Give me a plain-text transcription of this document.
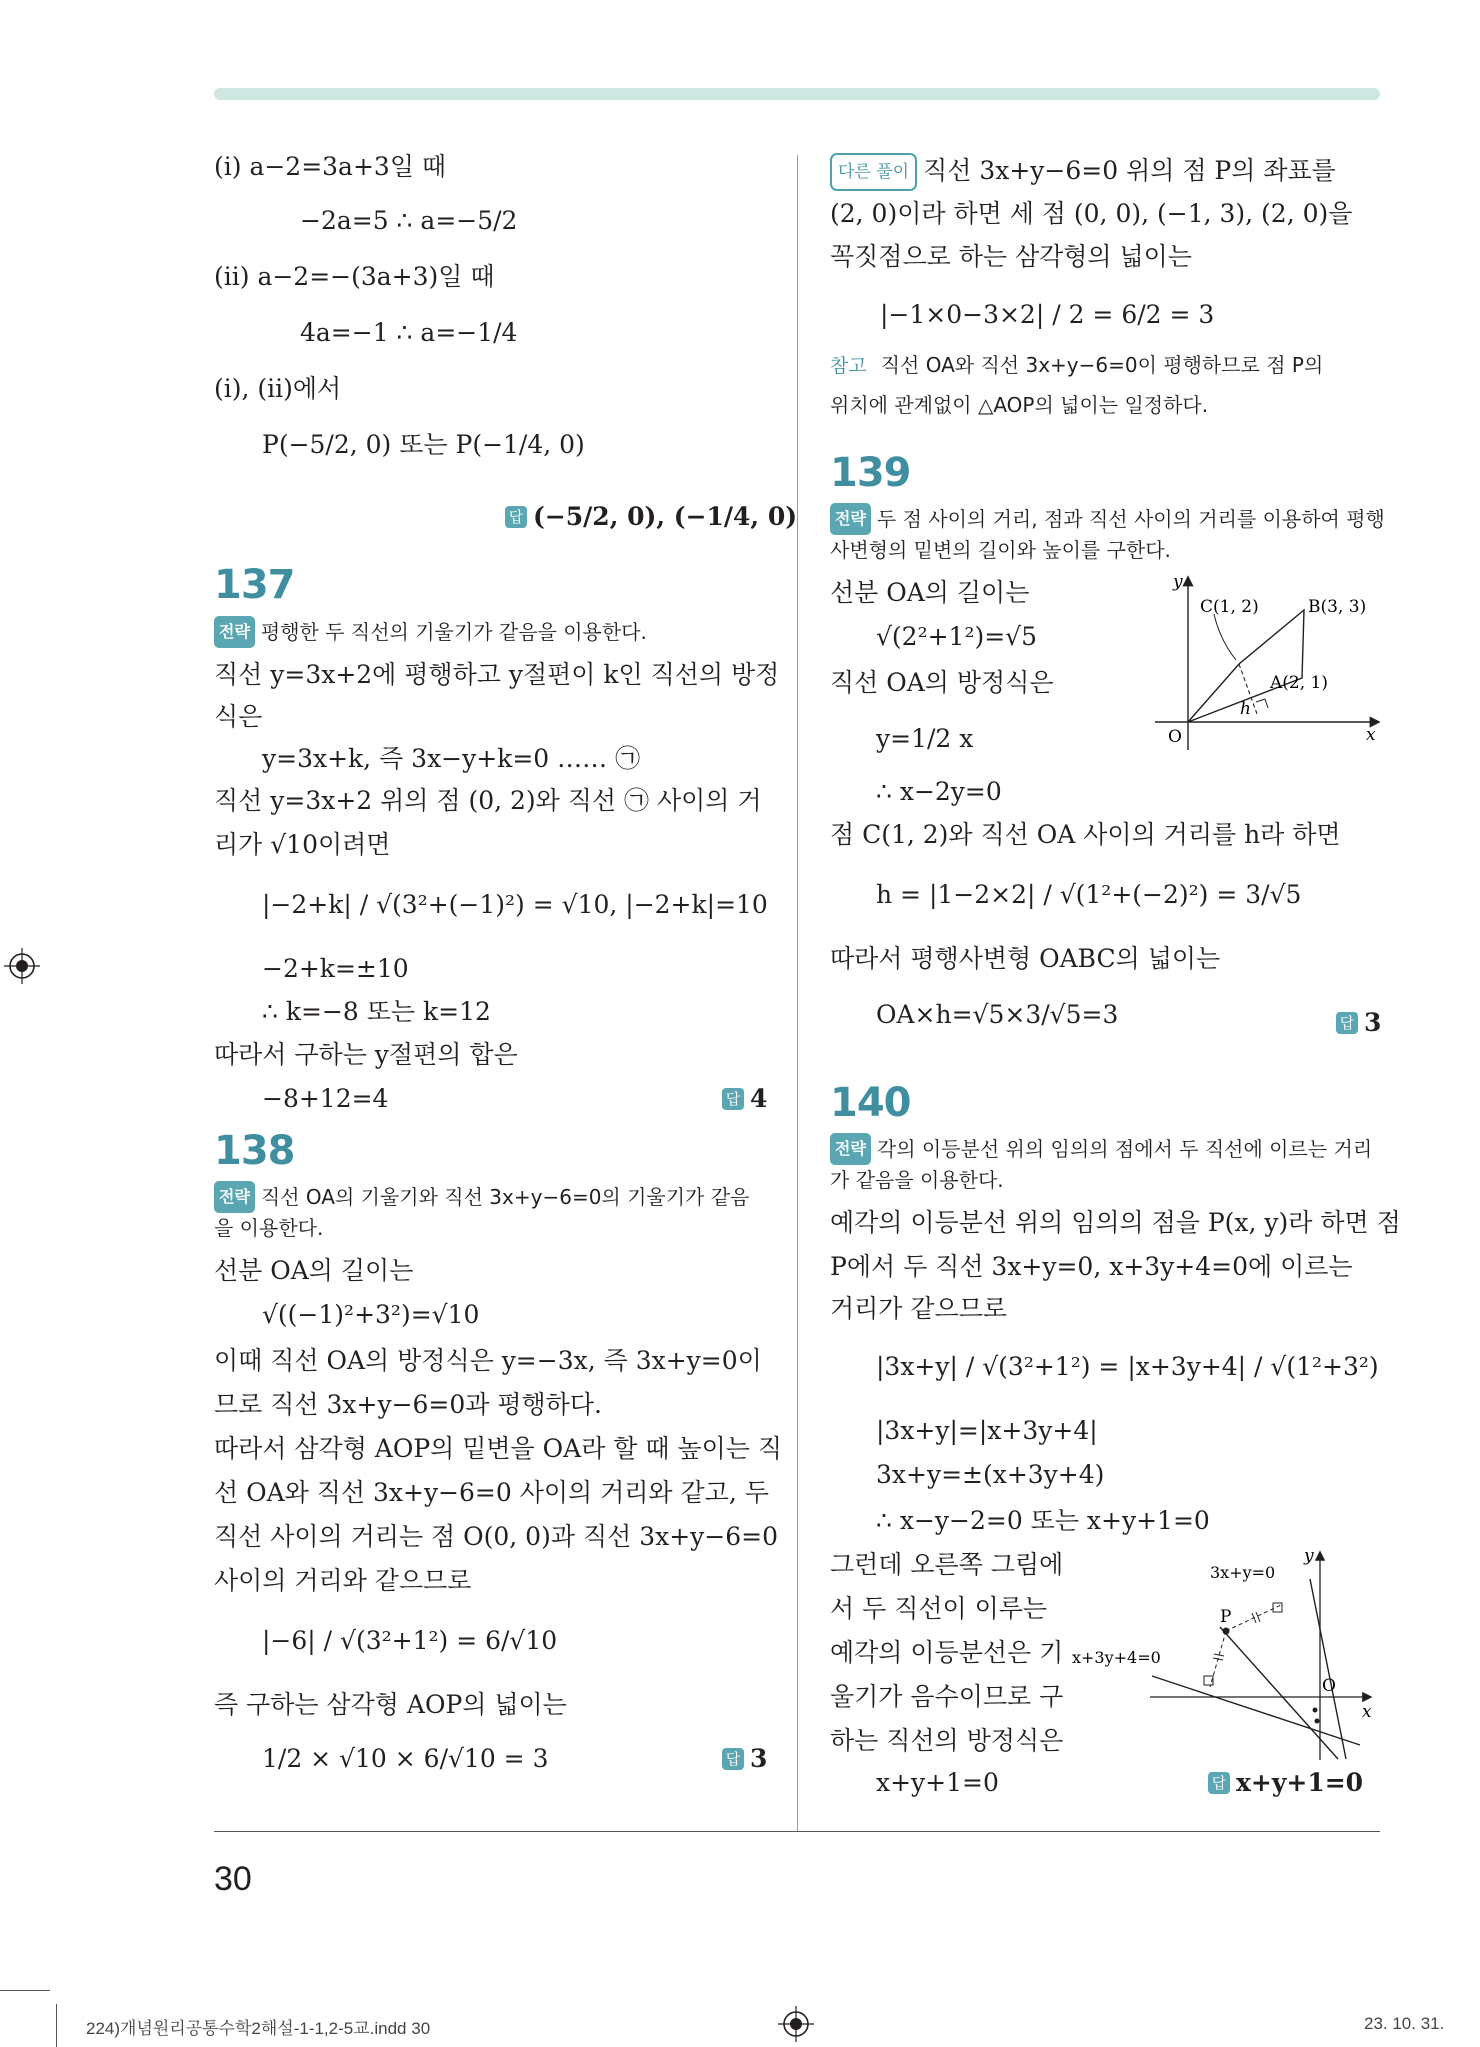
(ⅰ) a−2=3a+3일 때
−2a=5 ∴ a=−5/2
(ⅱ) a−2=−(3a+3)일 때
4a=−1 ∴ a=−1/4
(ⅰ), (ⅱ)에서
P(−5/2, 0) 또는 P(−1/4, 0)
답 (−5/2, 0), (−1/4, 0)
137
전략 평행한 두 직선의 기울기가 같음을 이용한다.
직선 y=3x+2에 평행하고 y절편이 k인 직선의 방정
식은
y=3x+k, 즉 3x−y+k=0 …… ㉠
직선 y=3x+2 위의 점 (0, 2)와 직선 ㉠ 사이의 거
리가 √10이려면
|−2+k| / √(3²+(−1)²) = √10, |−2+k|=10
−2+k=±10
∴ k=−8 또는 k=12
따라서 구하는 y절편의 합은
−8+12=4	답 4
138
전략 직선 OA의 기울기와 직선 3x+y−6=0의 기울기가 같음
을 이용한다.
선분 OA의 길이는
√((−1)²+3²)=√10
이때 직선 OA의 방정식은 y=−3x, 즉 3x+y=0이
므로 직선 3x+y−6=0과 평행하다.
따라서 삼각형 AOP의 밑변을 OA라 할 때 높이는 직
선 OA와 직선 3x+y−6=0 사이의 거리와 같고, 두
직선 사이의 거리는 점 O(0, 0)과 직선 3x+y−6=0
사이의 거리와 같으므로
|−6| / √(3²+1²) = 6/√10
즉 구하는 삼각형 AOP의 넓이는
1/2 × √10 × 6/√10 = 3	답 3
다른 풀이 직선 3x+y−6=0 위의 점 P의 좌표를
(2, 0)이라 하면 세 점 (0, 0), (−1, 3), (2, 0)을
꼭짓점으로 하는 삼각형의 넓이는
|−1×0−3×2| / 2 = 6/2 = 3
참고 직선 OA와 직선 3x+y−6=0이 평행하므로 점 P의
위치에 관계없이 △AOP의 넓이는 일정하다.
139
전략 두 점 사이의 거리, 점과 직선 사이의 거리를 이용하여 평행
사변형의 밑변의 길이와 높이를 구한다.
선분 OA의 길이는
√(2²+1²)=√5
직선 OA의 방정식은
y=1/2 x
∴ x−2y=0
점 C(1, 2)와 직선 OA 사이의 거리를 h라 하면
h = |1−2×2| / √(1²+(−2)²) = 3/√5
따라서 평행사변형 OABC의 넓이는
OA×h=√5×3/√5=3	답 3
y
x
O
C(1, 2)	B(3, 3)
A(2, 1)
h
140
전략 각의 이등분선 위의 임의의 점에서 두 직선에 이르는 거리
가 같음을 이용한다.
예각의 이등분선 위의 임의의 점을 P(x, y)라 하면 점
P에서 두 직선 3x+y=0, x+3y+4=0에 이르는
거리가 같으므로
|3x+y| / √(3²+1²) = |x+3y+4| / √(1²+3²)
|3x+y|=|x+3y+4|
3x+y=±(x+3y+4)
∴ x−y−2=0 또는 x+y+1=0
그런데 오른쪽 그림에
서 두 직선이 이루는
예각의 이등분선은 기
울기가 음수이므로 구
하는 직선의 방정식은
x+y+1=0	답 x+y+1=0
3x+y=0
x+3y+4=0
P
O
x
y
30
224)개념원리공통수학2해설-1-1,2-5교.indd 30	23. 10. 31.
